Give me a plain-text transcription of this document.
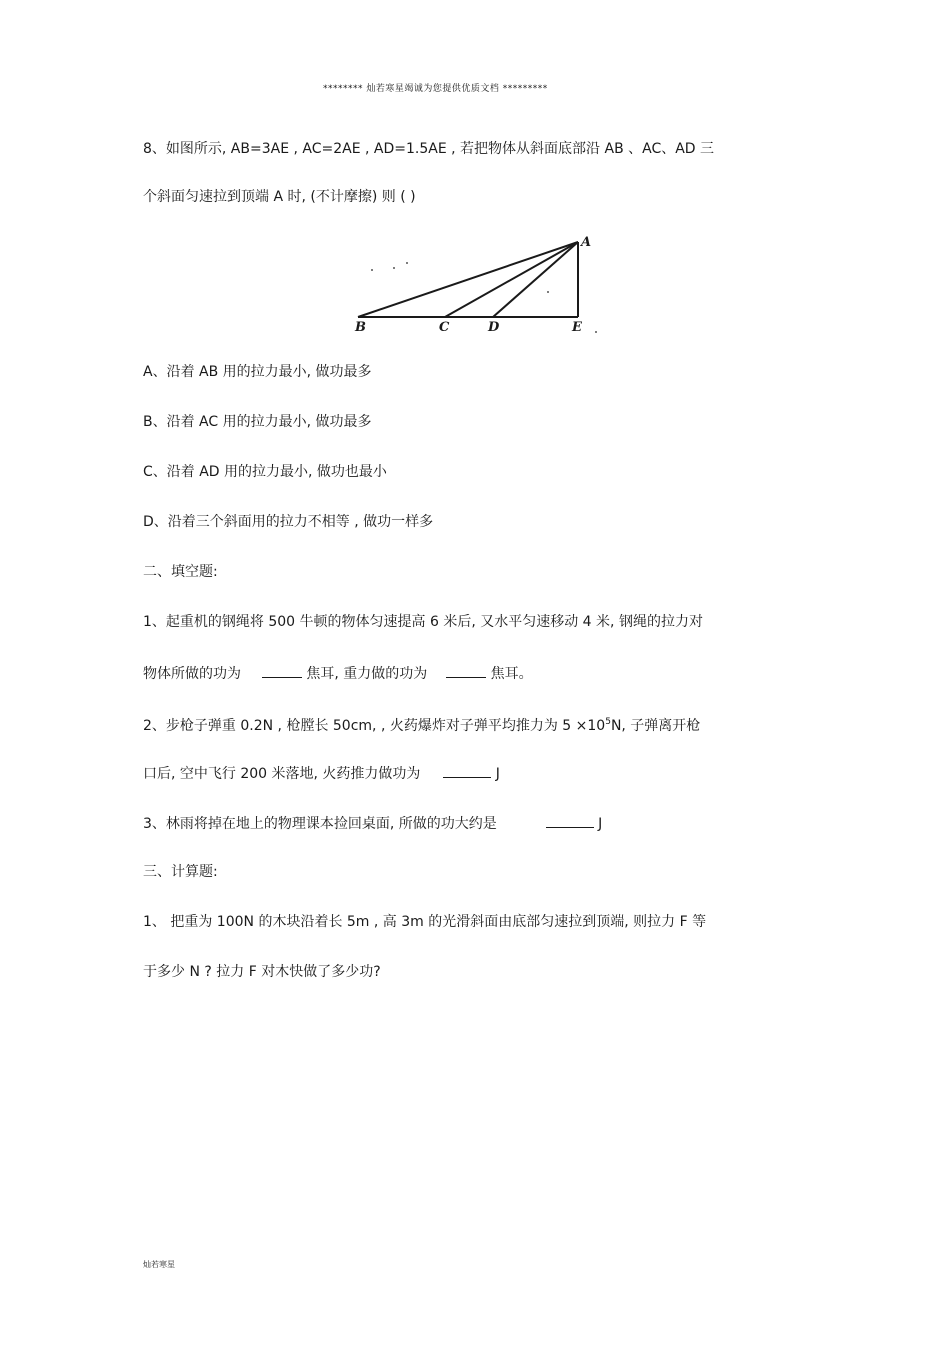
******** 灿若寒星竭诚为您提供优质文档 *********
8、如图所示, AB=3AE , AC=2AE , AD=1.5AE , 若把物体从斜面底部沿 AB 、AC、AD 三
个斜面匀速拉到顶端 A 时, (不计摩擦) 则 ( )
A
B	C	D	E
A、沿着 AB 用的拉力最小, 做功最多
B、沿着 AC 用的拉力最小, 做功最多
C、沿着 AD 用的拉力最小, 做功也最小
D、沿着三个斜面用的拉力不相等 , 做功一样多
二、填空题:
1、起重机的钢绳将 500 牛顿的物体匀速提高 6 米后, 又水平匀速移动 4 米, 钢绳的拉力对
物体所做的功为	焦耳, 重力做的功为	焦耳。
2、步枪子弹重 0.2N , 枪膛长 50cm, , 火药爆炸对子弹平均推力为 $5 \times 10^5N$, 子弹离开枪
口后, 空中飞行 200 米落地, 火药推力做功为	J
3、林雨将掉在地上的物理课本捡回桌面, 所做的功大约是	J
三、计算题:
1、 把重为 100N 的木块沿着长 5m , 高 3m 的光滑斜面由底部匀速拉到顶端, 则拉力 F 等
于多少 N ? 拉力 F 对木快做了多少功?
灿若寒星
